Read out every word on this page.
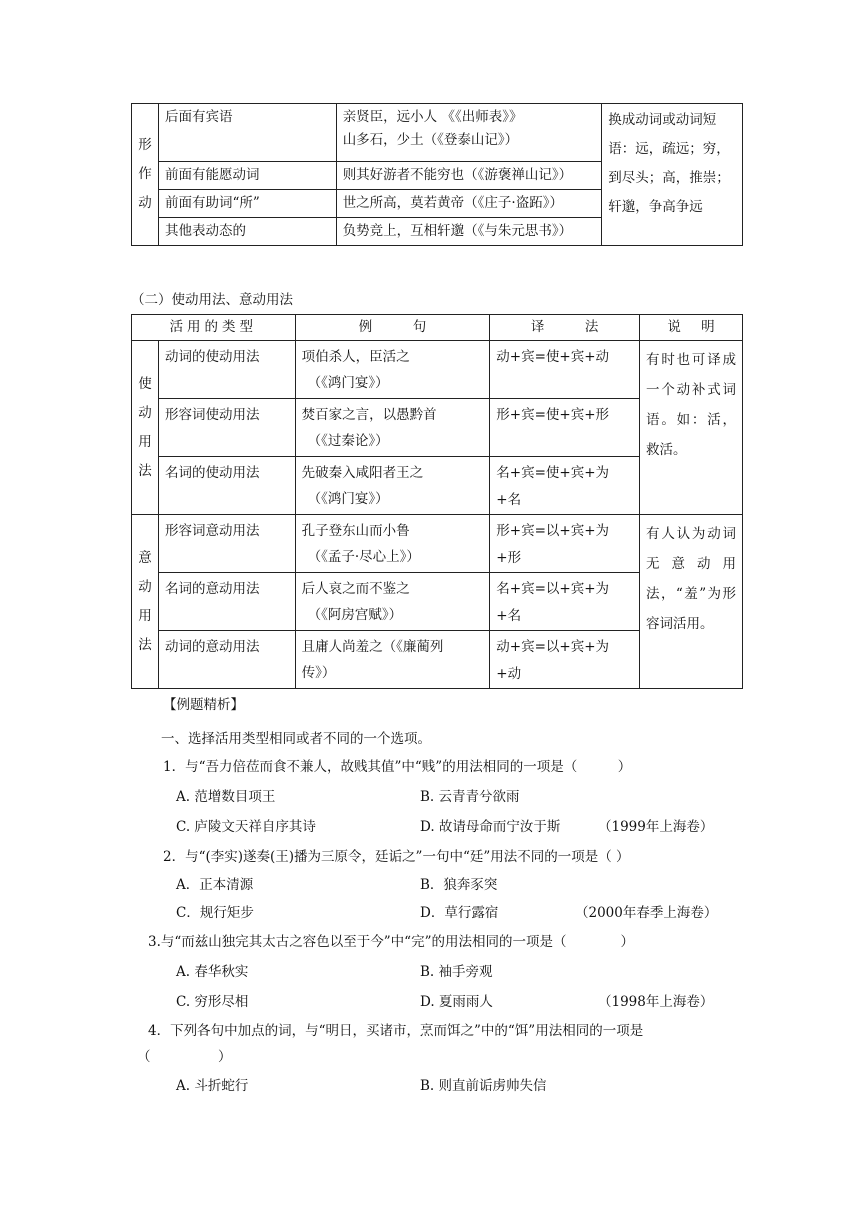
形作动	后面有宾语	亲贤臣，远小人 《《出师表》》
山多石，少土（《登泰山记》）	换成动词或动词短语：远，疏远；穷，到尽头；高，推崇；轩邈，争高争远
	前面有能愿动词	则其好游者不能穷也（《游褒禅山记》）	
	前面有助词“所”	世之所高，莫若黄帝（《庄子·盗跖》）	
	其他表动态的	负势竞上，互相轩邈（《与朱元思书》）	
（二）使动用法、意动用法
活用的类型		例   句	译   法	说  明
使动用法	动词的使动用法	项伯杀人，臣活之
（《鸿门宴》）	动+宾=使+宾+动	有时也可译成一个动补式词语。如：活，救活。
	形容词使动用法	焚百家之言，以愚黔首
（《过秦论》）	形+宾=使+宾+形	
	名词的使动用法	先破秦入咸阳者王之
（《鸿门宴》）	名+宾=使+宾+为+名	
意动用法	形容词意动用法	孔子登东山而小鲁
（《孟子·尽心上》）	形+宾=以+宾+为+形	有人认为动词无意动用法，“羞”为形容词活用。
	名词的意动用法	后人哀之而不鉴之
（《阿房宫赋》）	名+宾=以+宾+为+名	
	动词的意动用法	且庸人尚羞之（《廉蔺列
传》）	动+宾=以+宾+为+动	
【例题精析】
一、选择活用类型相同或者不同的一个选项。
1．与“吾力倍莅而食不兼人，故贱其值”中“贱”的用法相同的一项是（　　　）
A. 范增数目项王	B. 云青青兮欲雨
C. 庐陵文天祥自序其诗	D. 故请母命而宁汝于斯	（1999年上海卷）
2．与“(李实)遂奏(王)播为三原令，廷诟之”一句中“廷”用法不同的一项是（ ）
A．正本清源	B．狼奔豕突
C．规行矩步	D．草行露宿	（2000年春季上海卷）
3.与“而兹山独完其太古之容色以至于今”中“完”的用法相同的一项是（　　　　）
A. 春华秋实	B. 袖手旁观
C. 穷形尽相	D. 夏雨雨人	（1998年上海卷）
4．下列各句中加点的词，与“明日，买诸市，烹而饵之”中的“饵”用法相同的一项是
（　　　　　）
A. 斗折蛇行	B. 则直前诟虏帅失信
